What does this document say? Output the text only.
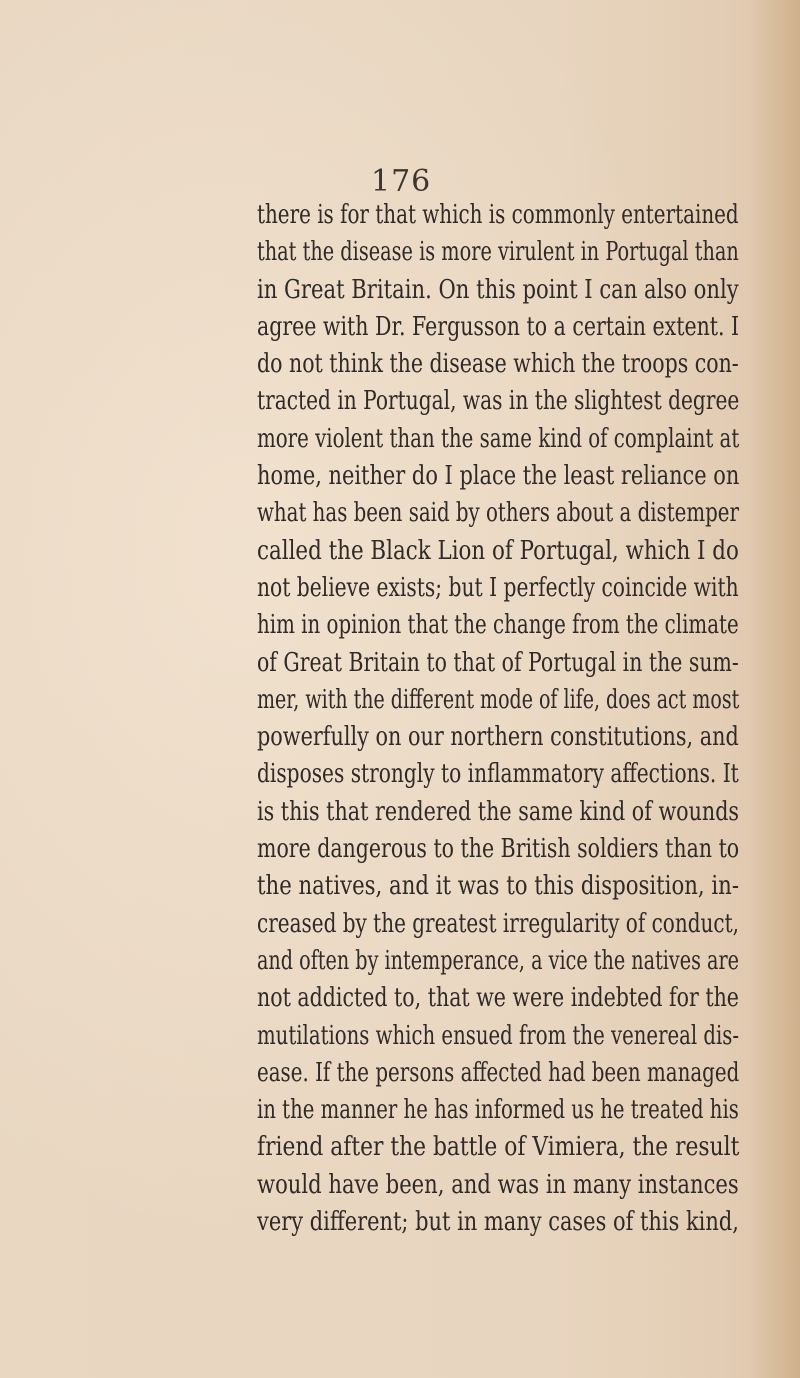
176
there is for that which is commonly entertained
that the disease is more virulent in Portugal than
in Great Britain. On this point I can also only
agree with Dr. Fergusson to a certain extent. I
do not think the disease which the troops con-
tracted in Portugal, was in the slightest degree
more violent than the same kind of complaint at
home, neither do I place the least reliance on
what has been said by others about a distemper
called the Black Lion of Portugal, which I do
not believe exists; but I perfectly coincide with
him in opinion that the change from the climate
of Great Britain to that of Portugal in the sum-
mer, with the different mode of life, does act most
powerfully on our northern constitutions, and
disposes strongly to inflammatory affections. It
is this that rendered the same kind of wounds
more dangerous to the British soldiers than to
the natives, and it was to this disposition, in-
creased by the greatest irregularity of conduct,
and often by intemperance, a vice the natives are
not addicted to, that we were indebted for the
mutilations which ensued from the venereal dis-
ease. If the persons affected had been managed
in the manner he has informed us he treated his
friend after the battle of Vimiera, the result
would have been, and was in many instances
very different; but in many cases of this kind,
